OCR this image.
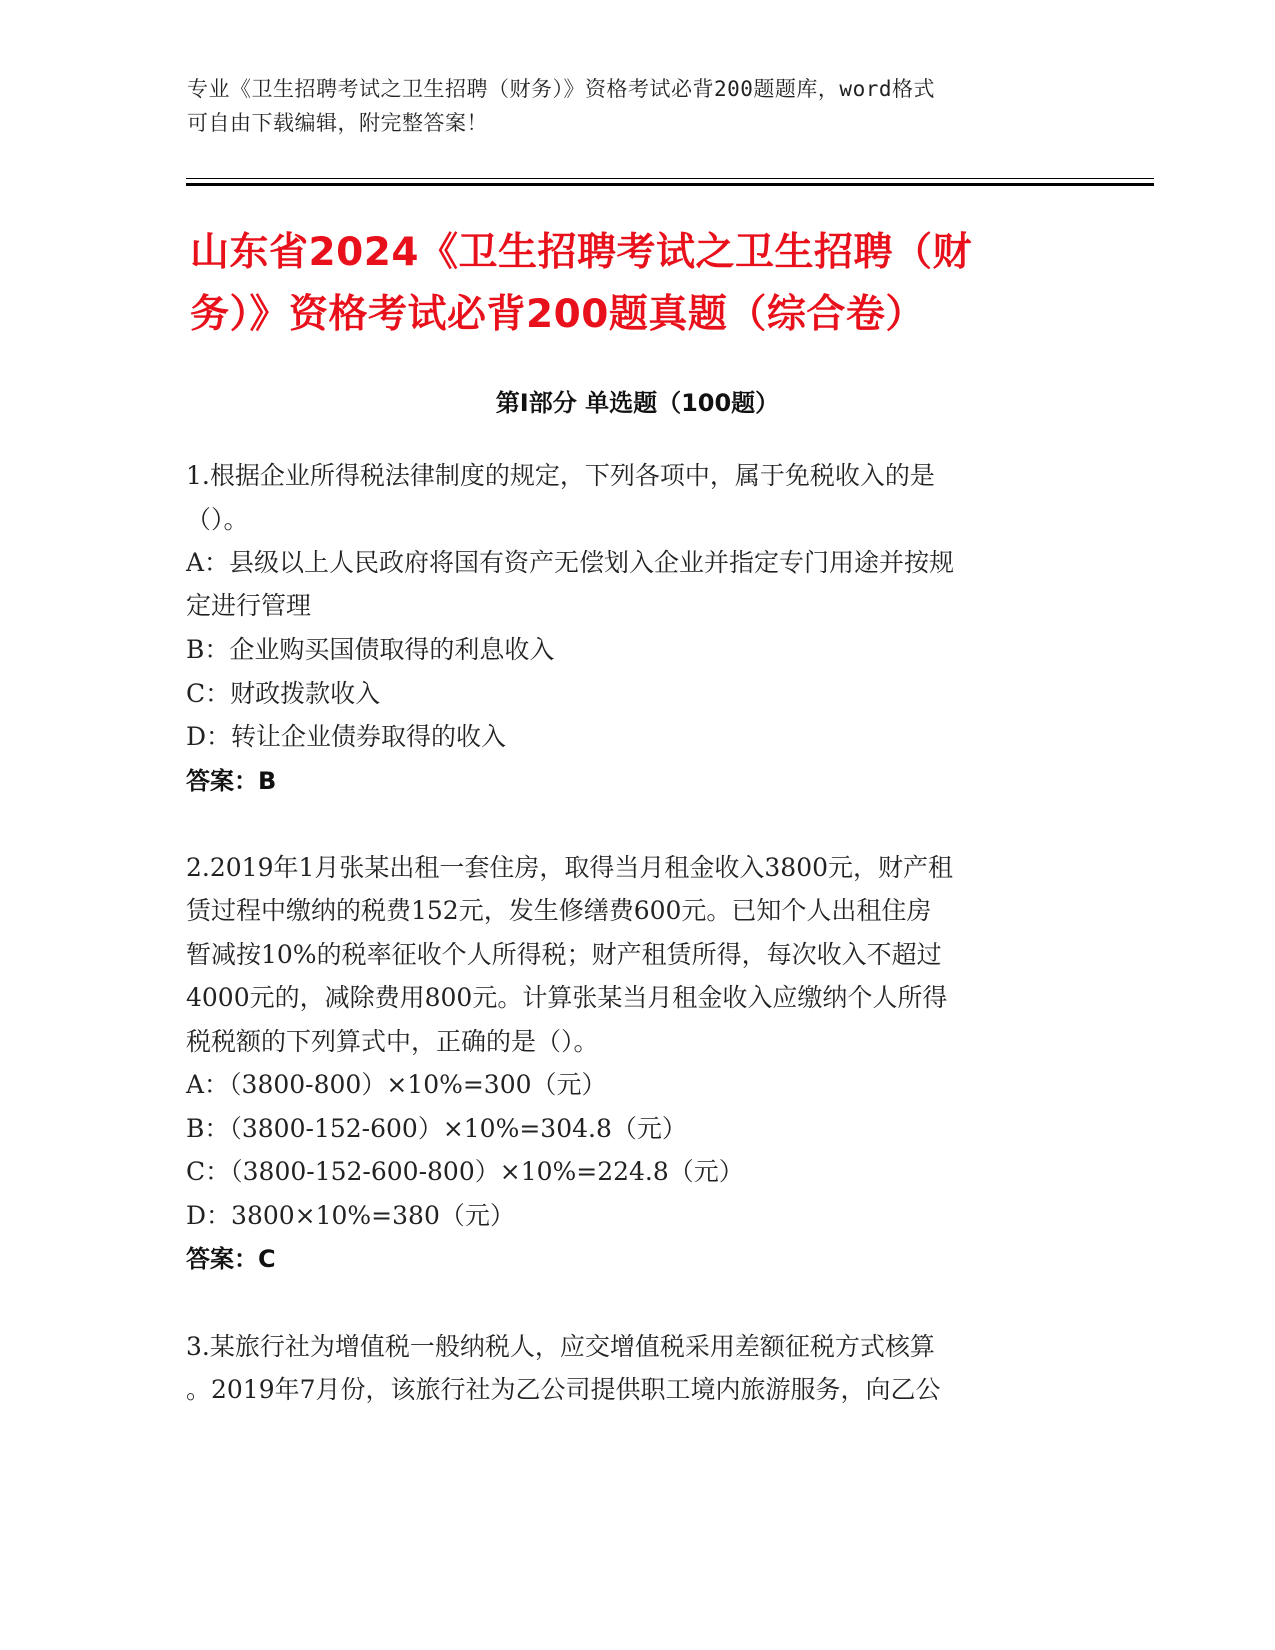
专业《卫生招聘考试之卫生招聘（财务）》资格考试必背200题题库，word格式

可自由下载编辑，附完整答案！

山东省2024《卫生招聘考试之卫生招聘（财

务）》资格考试必背200题真题（综合卷）

第Ⅰ部分 单选题（100题）
1.根据企业所得税法律制度的规定，下列各项中，属于免税收入的是
（）。
A：县级以上人民政府将国有资产无偿划入企业并指定专门用途并按规
定进行管理
B：企业购买国债取得的利息收入
C：财政拨款收入
D：转让企业债券取得的收入
答案：B
2.2019年1月张某出租一套住房，取得当月租金收入3800元，财产租
赁过程中缴纳的税费152元，发生修缮费600元。已知个人出租住房
暂减按10%的税率征收个人所得税；财产租赁所得，每次收入不超过
4000元的，减除费用800元。计算张某当月租金收入应缴纳个人所得
税税额的下列算式中，正确的是（）。
A：（3800-800）×10%=300（元）
B：（3800-152-600）×10%=304.8（元）
C：（3800-152-600-800）×10%=224.8（元）
D：3800×10%=380（元）
答案：C
3.某旅行社为增值税一般纳税人，应交增值税采用差额征税方式核算
。2019年7月份，该旅行社为乙公司提供职工境内旅游服务，向乙公
